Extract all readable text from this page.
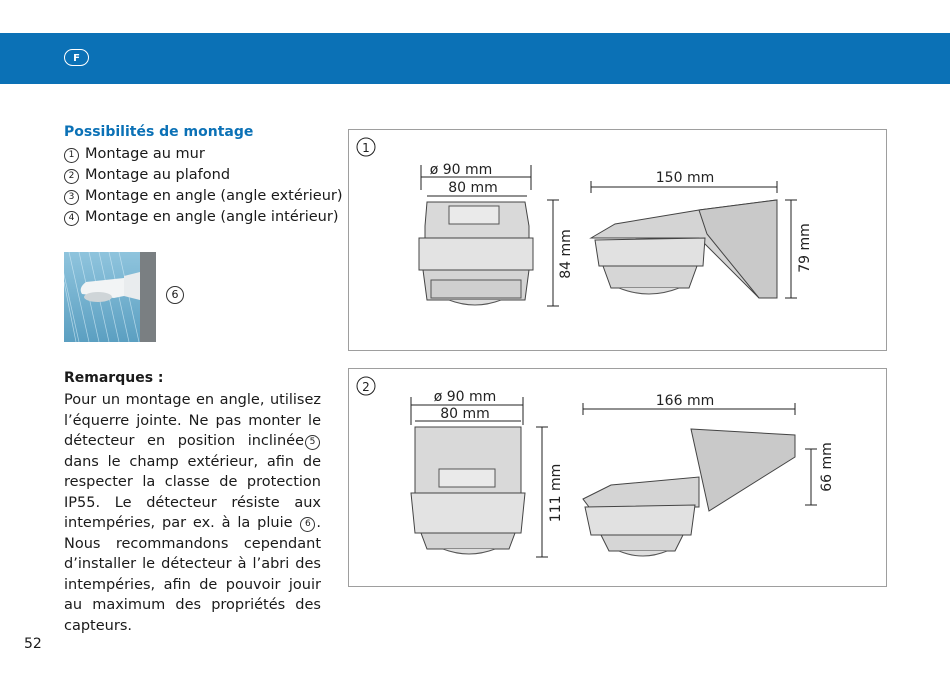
F
Possibilités de montage
1 Montage au mur
2 Montage au plafond
3 Montage en angle (angle extérieur)
4 Montage en angle (angle intérieur)
6
Remarques :

Pour un montage en angle, utilisez l’équerre jointe. Ne pas monter le détecteur en position inclinée 5dans le champ extérieur, afin de respecter la classe de protection IP55. Le détecteur résiste aux intempéries, par ex. à la pluie 6 . Nous recommandons cependant d’installer le détecteur à l’abri des intempéries, afin de pouvoir jouir au maximum des propriétés des capteurs.

52
1
ø 90 mm
80 mm
84 mm
150 mm
79 mm
2
ø 90 mm
80 mm
111 mm
166 mm
66 mm
